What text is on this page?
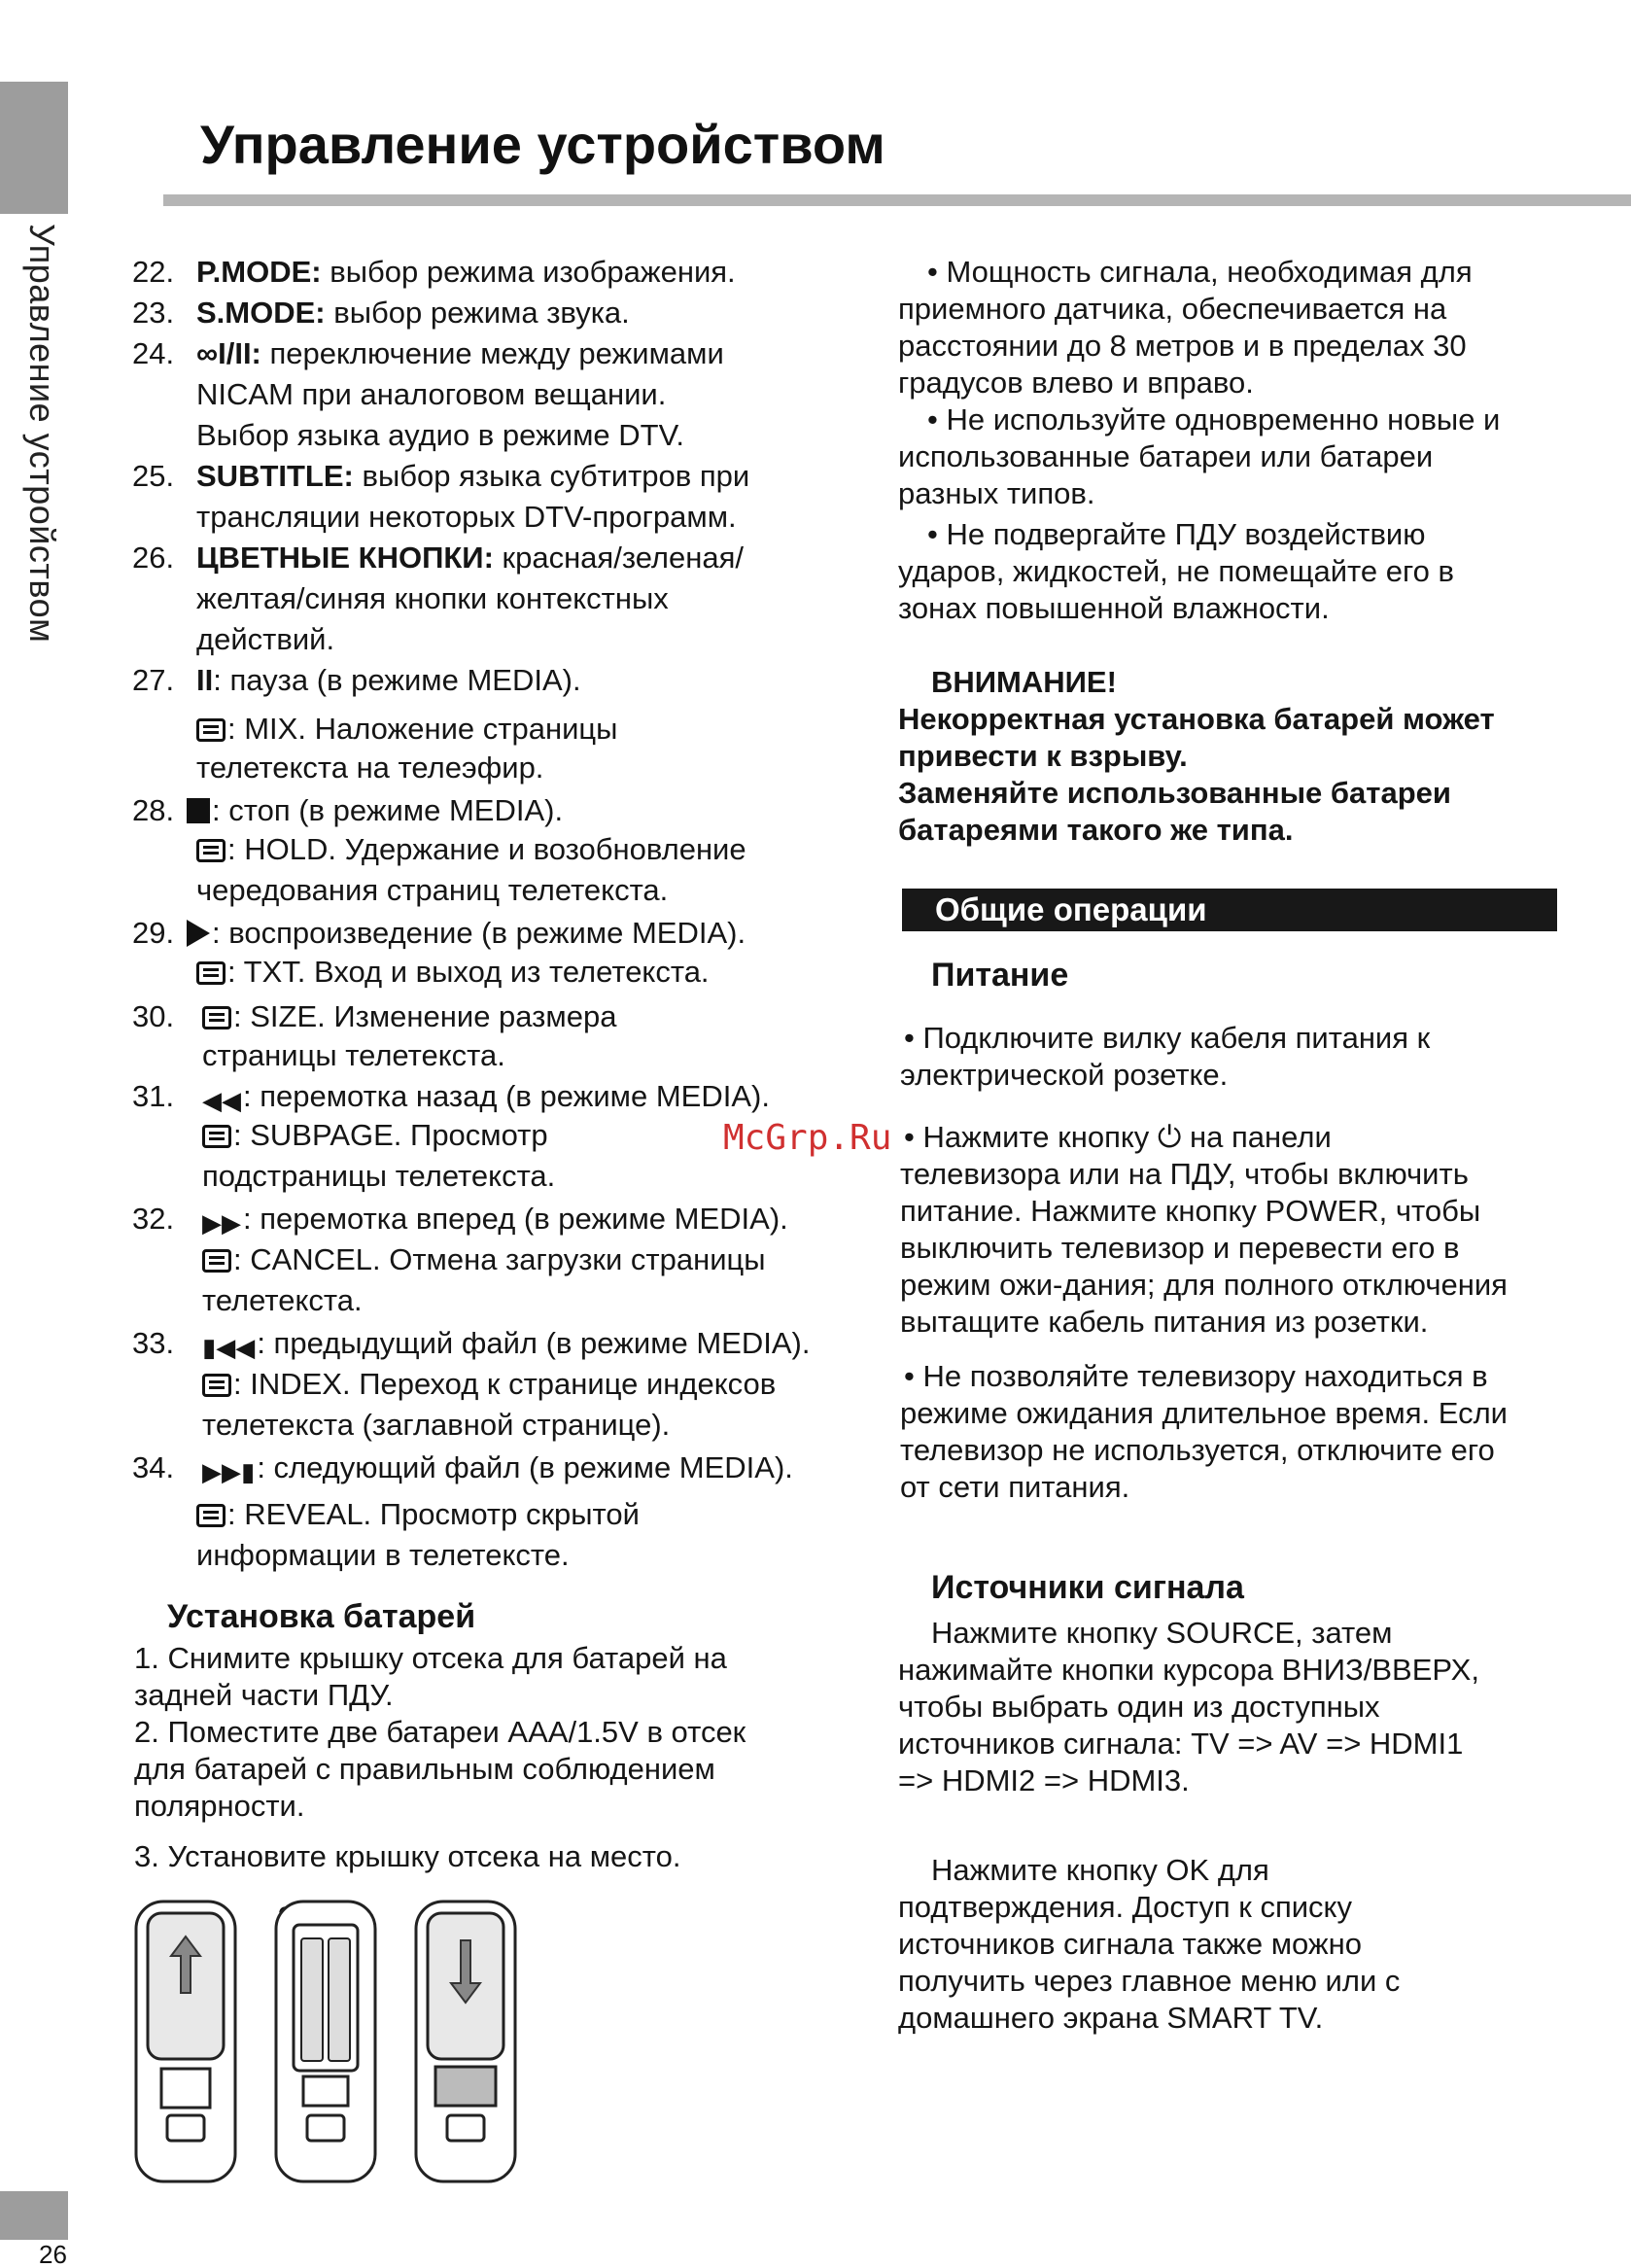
Управление устройством
Управление устройством
22. P.MODE: выбор режима изображения.
23. S.MODE: выбор режима звука.
24. ∞I/II: переключение между режимами
NICAM при аналоговом вещании.
Выбор языка аудио в режиме DTV.
25. SUBTITLE: выбор языка субтитров при
трансляции некоторых DTV-программ.
26. ЦВЕТНЫЕ КНОПКИ: красная/зеленая/
желтая/синяя кнопки контекстных
действий.
27. II: пауза (в режиме MEDIA).
: MIX. Наложение страницы
телетекста на телеэфир.
28. : стоп (в режиме MEDIA).
: HOLD. Удержание и возобновление
чередования страниц телетекста.
29. : воспроизведение (в режиме MEDIA).
: TXT. Вход и выход из телетекста.
30. : SIZE. Изменение размера
страницы телетекста.
31. ◀◀: перемотка назад (в режиме MEDIA).
: SUBPAGE. Просмотр
подстраницы телетекста.
32. ▶▶: перемотка вперед (в режиме MEDIA).
: CANCEL. Отмена загрузки страницы
телетекста.
33. ▮◀◀: предыдущий файл (в режиме MEDIA).
: INDEX. Переход к странице индексов
телетекста (заглавной странице).
34. ▶▶▮: следующий файл (в режиме MEDIA).
: REVEAL. Просмотр скрытой
информации в телетексте.
Установка батарей
1. Снимите крышку отсека для батарей на
задней части ПДУ.
2. Поместите две батареи AAA/1.5V в отсек
для батарей с правильным соблюдением
полярности.
3. Установите крышку отсека на место.
• Мощность сигнала, необходимая для
приемного датчика, обеспечивается на
расстоянии до 8 метров и в пределах 30
градусов влево и вправо.
• Не используйте одновременно новые и
использованные батареи или батареи
разных типов.
• Не подвергайте ПДУ воздействию
ударов, жидкостей, не помещайте его в
зонах повышенной влажности.
ВНИМАНИЕ!
Некорректная установка батарей может
привести к взрыву.
Заменяйте использованные батареи
батареями такого же типа.
Общие операции
Питание
• Подключите вилку кабеля питания к
электрической розетке.
• Нажмите кнопку ⏻ на панели
телевизора или на ПДУ, чтобы включить
питание. Нажмите кнопку POWER, чтобы
выключить телевизор и перевести его в
режим ожи-дания; для полного отключения
вытащите кабель питания из розетки.
• Не позволяйте телевизору находиться в
режиме ожидания длительное время. Если
телевизор не используется, отключите его
от сети питания.
Источники сигнала
Нажмите кнопку SOURCE, затем
нажимайте кнопки курсора ВНИЗ/ВВЕРХ,
чтобы выбрать один из доступных
источников сигнала: TV => AV => HDMI1
=> HDMI2 => HDMI3.
Нажмите кнопку OK для
подтверждения. Доступ к списку
источников сигнала также можно
получить через главное меню или с
домашнего экрана SMART TV.
McGrp.Ru
26
